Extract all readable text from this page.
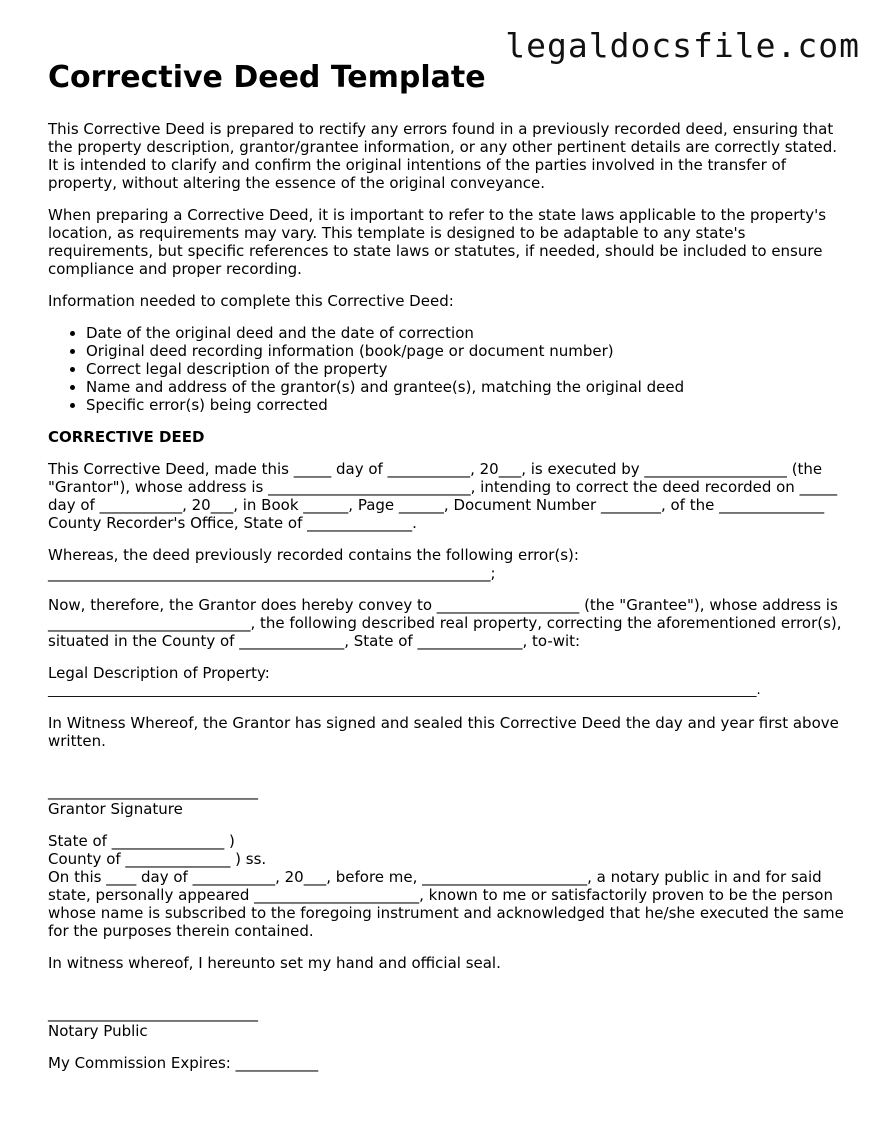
legaldocsfile.com
Corrective Deed Template

This Corrective Deed is prepared to rectify any errors found in a previously recorded deed, ensuring that the property description, grantor/grantee information, or any other pertinent details are correctly stated. It is intended to clarify and confirm the original intentions of the parties involved in the transfer of property, without altering the essence of the original conveyance.

When preparing a Corrective Deed, it is important to refer to the state laws applicable to the property's location, as requirements may vary. This template is designed to be adaptable to any state's requirements, but specific references to state laws or statutes, if needed, should be included to ensure compliance and proper recording.

Information needed to complete this Corrective Deed:

• Date of the original deed and the date of correction
• Original deed recording information (book/page or document number)
• Correct legal description of the property
• Name and address of the grantor(s) and grantee(s), matching the original deed
• Specific error(s) being corrected
CORRECTIVE DEED

This Corrective Deed, made this _____ day of ___________, 20___, is executed by ___________________ (the "Grantor"), whose address is ___________________________, intending to correct the deed recorded on _____ day of ___________, 20___, in Book ______, Page ______, Document Number ________, of the ______________ County Recorder's Office, State of ______________.

Whereas, the deed previously recorded contains the following error(s):
___________________________________________________________;

Now, therefore, the Grantor does hereby convey to ___________________ (the "Grantee"), whose address is ___________________________, the following described real property, correcting the aforementioned error(s), situated in the County of ______________, State of ______________, to-wit:

Legal Description of Property:
_____________________________________________________________________________________________________________.

In Witness Whereof, the Grantor has signed and sealed this Corrective Deed the day and year first above written.

____________________________
Grantor Signature
State of _______________ )
County of ______________ ) ss.
On this ____ day of ___________, 20___, before me, ______________________, a notary public in and for said state, personally appeared ______________________, known to me or satisfactorily proven to be the person whose name is subscribed to the foregoing instrument and acknowledged that he/she executed the same for the purposes therein contained.

In witness whereof, I hereunto set my hand and official seal.

____________________________
Notary Public

My Commission Expires: ___________
